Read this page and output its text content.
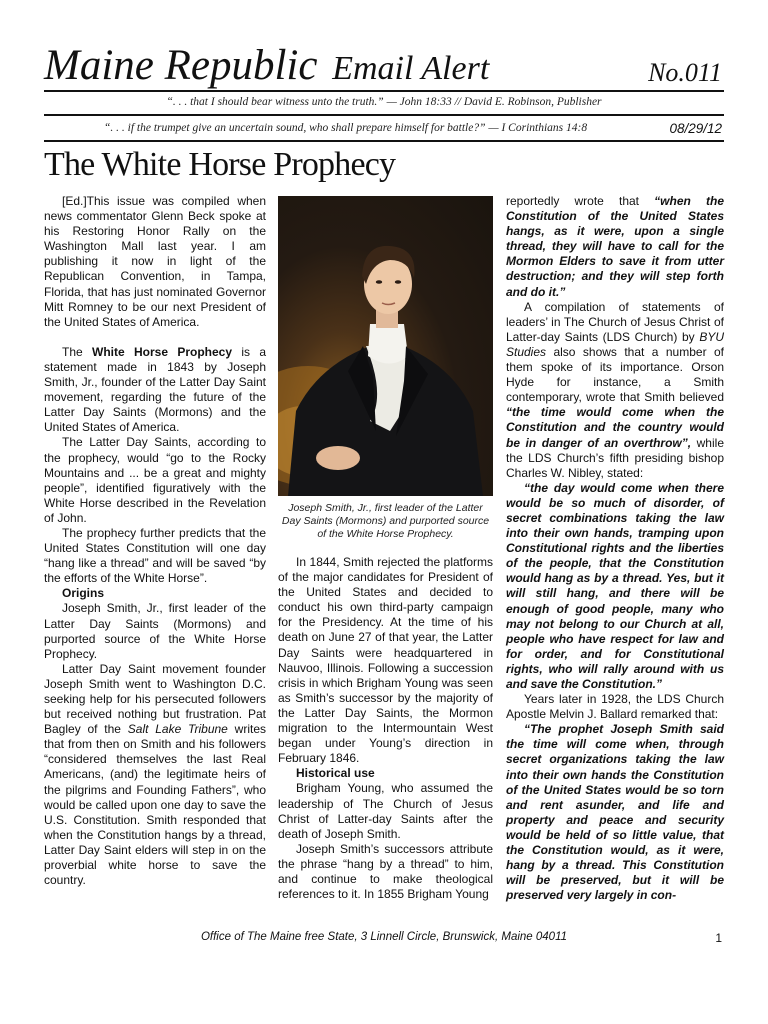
Maine Republic Email Alert	No.011
“. . . that I should bear witness unto the truth.” — John 18:33 // David E. Robinson, Publisher
“. . . if the trumpet give an uncertain sound, who shall prepare himself for battle?” — I Corinthians 14:8	08/29/12
The White Horse Prophecy

[Ed.]This issue was compiled when news commentator Glenn Beck spoke at his Restoring Honor Rally on the Washington Mall last year. I am publishing it now in light of the Republican Convention, in Tampa, Florida, that has just nominated Governor Mitt Romney to be our next President of the United States of America.

The White Horse Prophecy is a statement made in 1843 by Joseph Smith, Jr., founder of the Latter Day Saint movement, regarding the future of the Latter Day Saints (Mormons) and the United States of America.

The Latter Day Saints, according to the prophecy, would “go to the Rocky Mountains and ... be a great and mighty people”, identified figuratively with the White Horse described in the Revelation of John.

The prophecy further predicts that the United States Constitution will one day “hang like a thread” and will be saved “by the efforts of the White Horse”.

Origins

Joseph Smith, Jr., first leader of the Latter Day Saints (Mormons) and purported source of the White Horse Prophecy.

Latter Day Saint movement founder Joseph Smith went to Washington D.C. seeking help for his persecuted followers but received nothing but frustration. Pat Bagley of the Salt Lake Tribune writes that from then on Smith and his followers “considered themselves the last Real Americans, (and) the legitimate heirs of the pilgrims and Founding Fathers”, who would be called upon one day to save the U.S. Constitution. Smith responded that when the Constitution hangs by a thread, Latter Day Saint elders will step in on the proverbial white horse to save the country.

Joseph Smith, Jr., first leader of the Latter Day Saints (Mormons) and purported source of the White Horse Prophecy.

In 1844, Smith rejected the platforms of the major candidates for President of the United States and decided to conduct his own third-party campaign for the Presidency. At the time of his death on June 27 of that year, the Latter Day Saints were headquartered in Nauvoo, Illinois. Following a succession crisis in which Brigham Young was seen as Smith’s successor by the majority of the Latter Day Saints, the Mormon migration to the Intermountain West began under Young’s direction in February 1846.

Historical use

Brigham Young, who assumed the leadership of The Church of Jesus Christ of Latter-day Saints after the death of Joseph Smith.

Joseph Smith’s successors attribute the phrase “hang by a thread” to him, and continue to make theological references to it. In 1855 Brigham Young

reportedly wrote that “when the Constitution of the United States hangs, as it were, upon a single thread, they will have to call for the Mormon Elders to save it from utter destruction; and they will step forth and do it.”

A compilation of statements of leaders’ in The Church of Jesus Christ of Latter-day Saints (LDS Church) by BYU Studies also shows that a number of them spoke of its importance. Orson Hyde for instance, a Smith contemporary, wrote that Smith believed “the time would come when the Constitution and the country would be in danger of an overthrow”, while the LDS Church’s fifth presiding bishop Charles W. Nibley, stated:

“the day would come when there would be so much of disorder, of secret combinations taking the law into their own hands, tramping upon Constitutional rights and the liberties of the people, that the Constitution would hang as by a thread. Yes, but it will still hang, and there will be enough of good people, many who may not belong to our Church at all, people who have respect for law and for order, and for Constitutional rights, who will rally around with us and save the Constitution.”

Years later in 1928, the LDS Church Apostle Melvin J. Ballard remarked that:

“The prophet Joseph Smith said the time will come when, through secret organizations taking the law into their own hands the Constitution of the United States would be so torn and rent asunder, and life and property and peace and security would be held of so little value, that the Constitution would, as it were, hang by a thread. This Constitution will be preserved, but it will be preserved very largely in con-

Office of The Maine free State, 3 Linnell Circle, Brunswick, Maine 04011	1
